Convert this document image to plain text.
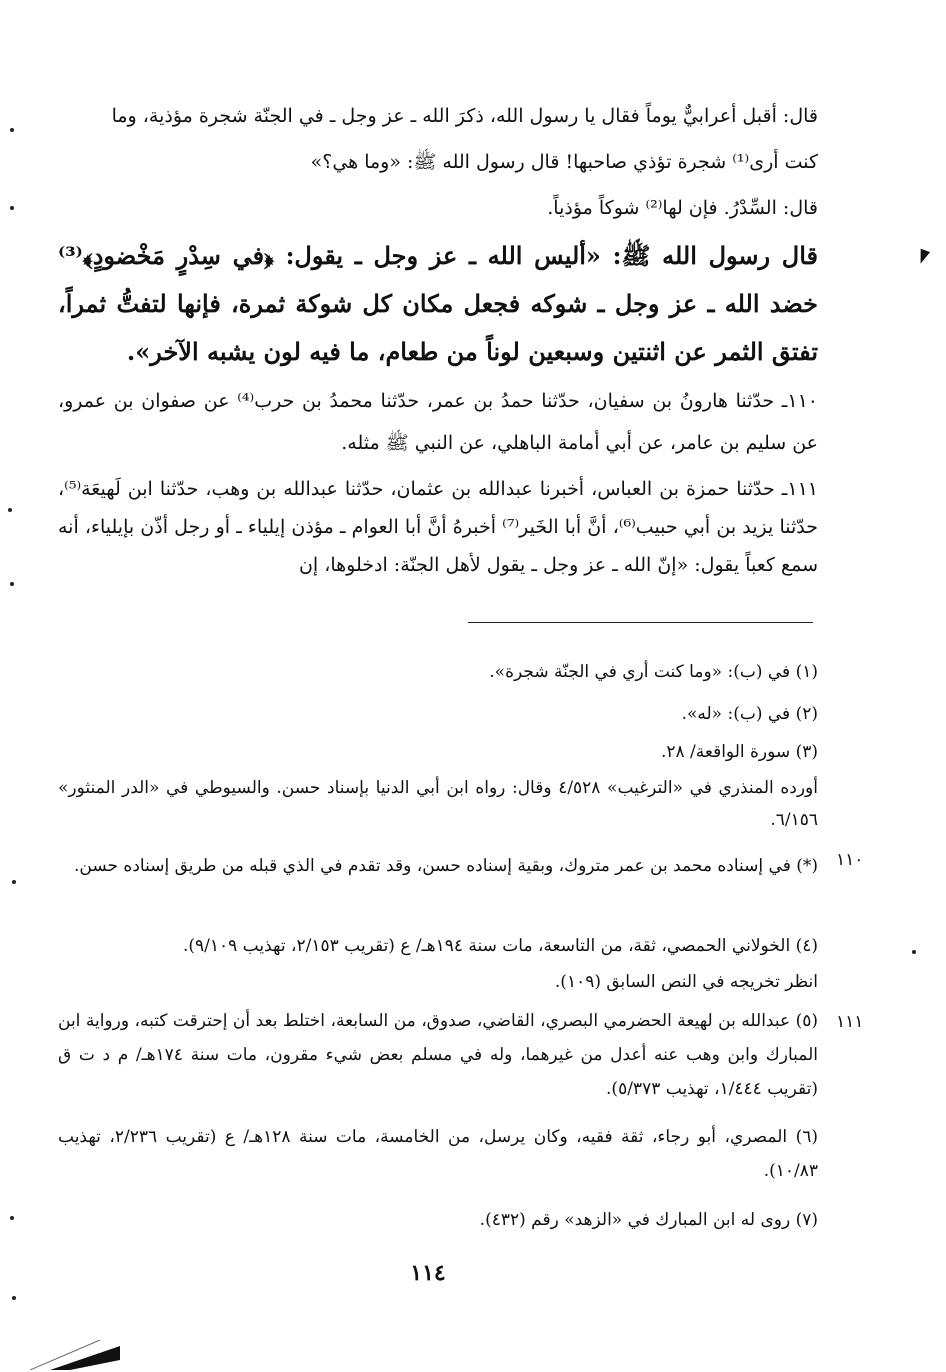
قال: أقبل أعرابيٌّ يوماً فقال يا رسول الله، ذكرَ الله ـ عز وجل ـ في الجنّة شجرة مؤذية، وما
كنت أرى⁽¹⁾ شجرة تؤذي صاحبها! قال رسول الله ﷺ: «وما هي؟»
قال: السِّدْرُ. فإن لها⁽²⁾ شوكاً مؤذياً.
قال رسول الله ﷺ: «أليس الله ـ عز وجل ـ يقول: ﴿في سِدْرٍ مَخْضودٍ﴾⁽³⁾ خضد الله ـ عز وجل ـ شوكه فجعل مكان كل شوكة ثمرة، فإنها لتفتُّ ثمراً، تفتق الثمر عن اثنتين وسبعين لوناً من طعام، ما فيه لون يشبه الآخر».
١١٠ـ حدّثنا هارونُ بن سفيان، حدّثنا حمدُ بن عمر، حدّثنا محمدُ بن حرب⁽⁴⁾ عن صفوان بن عمرو، عن سليم بن عامر، عن أبي أمامة الباهلي، عن النبي ﷺ مثله.
١١١ـ حدّثنا حمزة بن العباس، أخبرنا عبدالله بن عثمان، حدّثنا عبدالله بن وهب، حدّثنا ابن لَهيعَة⁽⁵⁾، حدّثنا يزيد بن أبي حبيب⁽⁶⁾، أنَّ أبا الخَير⁽⁷⁾ أخبرهُ أنَّ أبا العوام ـ مؤذن إيلياء ـ أو رجل أذّن بإيلياء، أنه سمع كعباً يقول: «إنّ الله ـ عز وجل ـ يقول لأهل الجنّة: ادخلوها، إن
(١) في (ب): «وما كنت أري في الجنّة شجرة».
(٢) في (ب): «له».
(٣) سورة الواقعة/ ٢٨.
أورده المنذري في «الترغيب» ٤/٥٢٨ وقال: رواه ابن أبي الدنيا بإسناد حسن. والسيوطي في «الدر المنثور» ٦/١٥٦.
١١٠
(*) في إسناده محمد بن عمر متروك، وبقية إسناده حسن، وقد تقدم في الذي قبله من طريق إسناده حسن.
(٤) الخولاني الحمصي، ثقة، من التاسعة، مات سنة ١٩٤هـ/ ع (تقريب ٢/١٥٣، تهذيب ٩/١٠٩).
انظر تخريجه في النص السابق (١٠٩).
١١١
(٥) عبدالله بن لهيعة الحضرمي البصري، القاضي، صدوق، من السابعة، اختلط بعد أن إحترقت كتبه، ورواية ابن المبارك وابن وهب عنه أعدل من غيرهما، وله في مسلم بعض شيء مقرون، مات سنة ١٧٤هـ/ م د ت ق (تقريب ١/٤٤٤، تهذيب ٥/٣٧٣).
(٦) المصري، أبو رجاء، ثقة فقيه، وكان يرسل، من الخامسة، مات سنة ١٢٨هـ/ ع (تقريب ٢/٢٣٦، تهذيب ١٠/٨٣).
(٧) روى له ابن المبارك في «الزهد» رقم (٤٣٢).
١١٤
